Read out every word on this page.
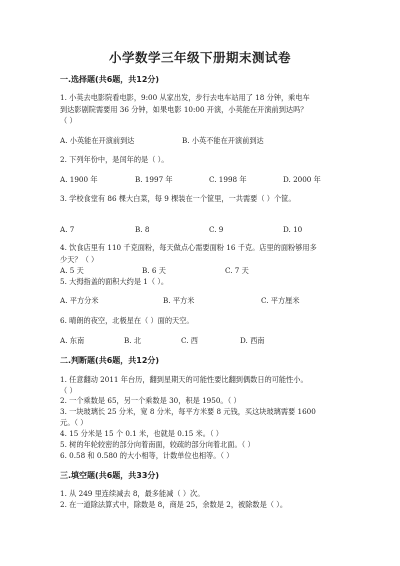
小学数学三年级下册期末测试卷
一.选择题(共6题，共12分)
1. 小英去电影院看电影，9:00 从家出发，步行去电车站用了 18 分钟，乘电车
到达影剧院需要用 36 分钟，如果电影 10:00 开演，小英能在开演前到达吗？
（ ）
A. 小英能在开演前到达	B. 小英不能在开演前到达
2. 下列年份中，是闰年的是（ ）。
A. 1900 年	B. 1997 年	C. 1998 年	D. 2000 年
3. 学校食堂有 86 棵大白菜，每 9 棵装在一个筐里，一共需要（ ）个筐。
A. 7	B. 8	C. 9	D. 10
4. 饮食店里有 110 千克面粉，每天做点心需要面粉 16 千克。店里的面粉够用多
少天？（ ）
A. 5 天	B. 6 天	C. 7 天
5. 大拇指盖的面积大约是 1（ ）。
A. 平方分米	B. 平方米	C. 平方厘米
6. 晴朗的夜空，北极星在（ ）面的天空。
A. 东南	B. 北	C. 西	D. 西南
二.判断题(共6题，共12分)
1. 任意翻动 2011 年台历，翻到星期天的可能性要比翻到偶数日的可能性小。
（ ）
2. 一个乘数是 65，另一个乘数是 30，积是 1950。（ ）
3. 一块玻璃长 25 分米，宽 8 分米，每平方米要 8 元钱，买这块玻璃需要 1600
元。（ ）
4. 15 分米是 15 个 0.1 米，也就是 0.15 米。（ ）
5. 树的年轮较密的部分向着南面，较疏的部分向着北面。（ ）
6. 0.58 和 0.580 的大小相等，计数单位也相等。（ ）
三.填空题(共6题，共33分)
1. 从 249 里连续减去 8，最多能减（ ）次。
2. 在一道除法算式中，除数是 8，商是 25，余数是 2，被除数是（ ）。
